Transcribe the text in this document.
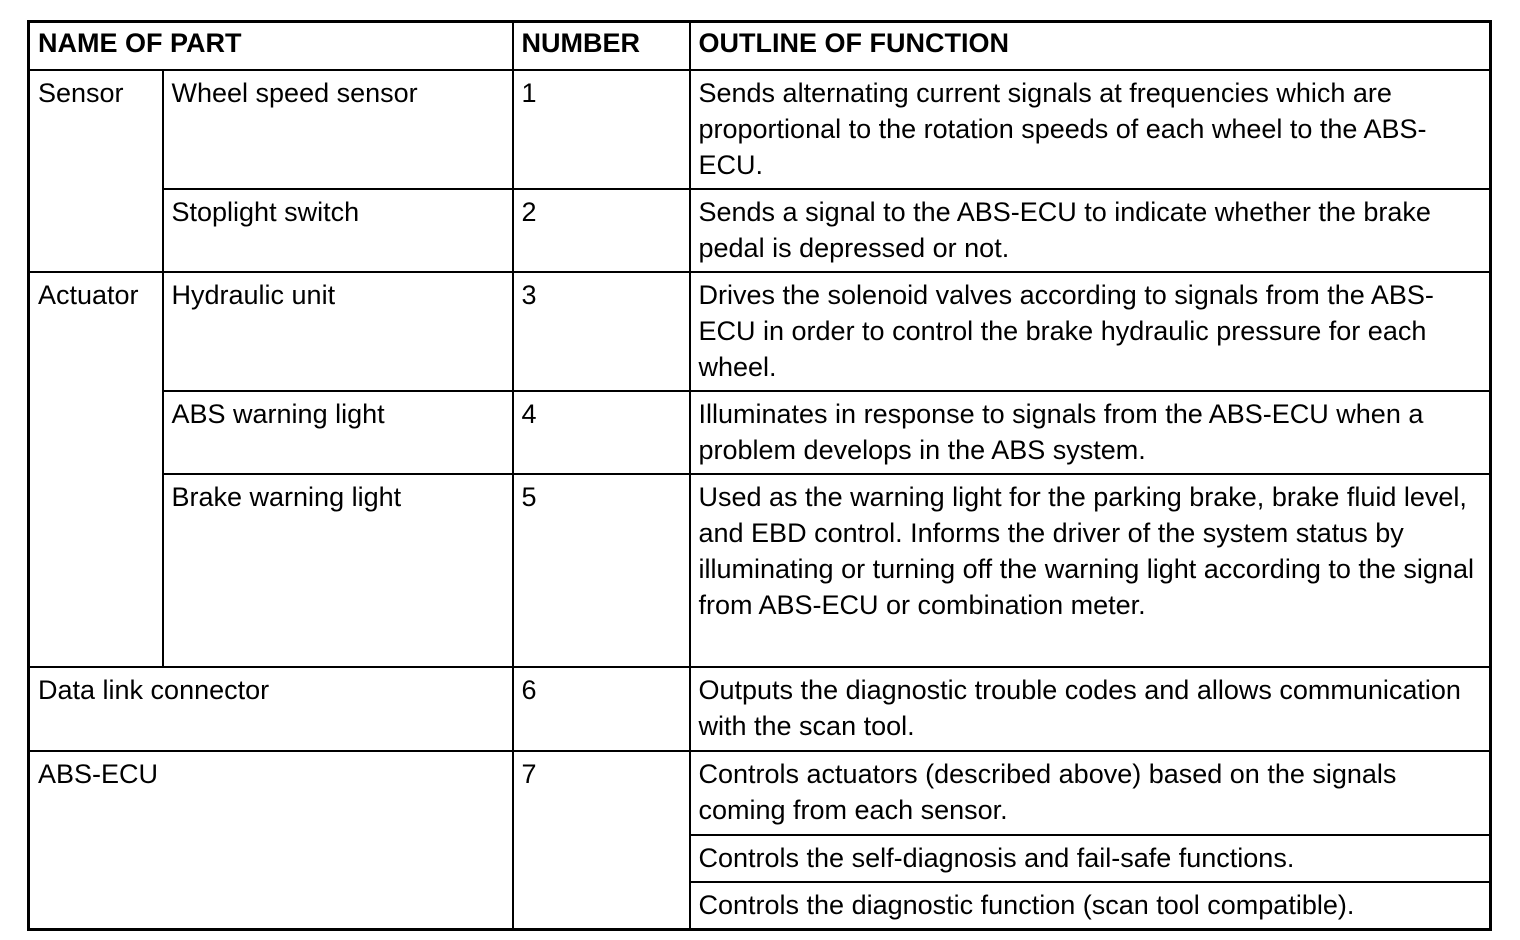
NAME OF PART		NUMBER	OUTLINE OF FUNCTION
Sensor	Wheel speed sensor	1	Sends alternating current signals at frequencies which are proportional to the rotation speeds of each wheel to the ABS-ECU.
	Stoplight switch	2	Sends a signal to the ABS-ECU to indicate whether the brake pedal is depressed or not.
Actuator	Hydraulic unit	3	Drives the solenoid valves according to signals from the ABS-ECU in order to control the brake hydraulic pressure for each wheel.
	ABS warning light	4	Illuminates in response to signals from the ABS-ECU when a problem develops in the ABS system.
	Brake warning light	5	Used as the warning light for the parking brake, brake fluid level, and EBD control. Informs the driver of the system status by illuminating or turning off the warning light according to the signal from ABS-ECU or combination meter.
Data link connector		6	Outputs the diagnostic trouble codes and allows communication with the scan tool.
ABS-ECU		7	Controls actuators (described above) based on the signals coming from each sensor.
			Controls the self-diagnosis and fail-safe functions.
			Controls the diagnostic function (scan tool compatible).
